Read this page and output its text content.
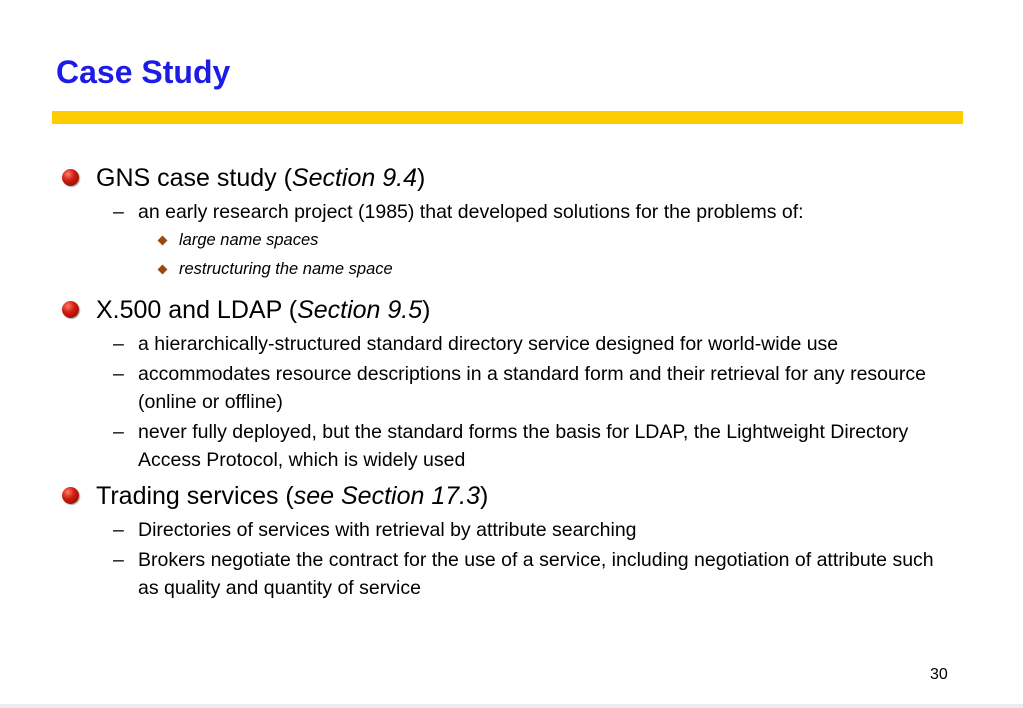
Case Study
GNS case study (Section 9.4)
– an early research project (1985) that developed solutions for the problems of:
large name spaces
restructuring the name space
X.500 and LDAP (Section 9.5)
– a hierarchically-structured standard directory service designed for world-wide use
– accommodates resource descriptions in a standard form and their retrieval for any resource (online or offline)
– never fully deployed, but the standard forms the basis for LDAP, the Lightweight Directory Access Protocol, which is widely used
Trading services (see Section 17.3)
– Directories of services with retrieval by attribute searching
– Brokers negotiate the contract for the use of a service, including negotiation of attribute such as quality and quantity of service
30
